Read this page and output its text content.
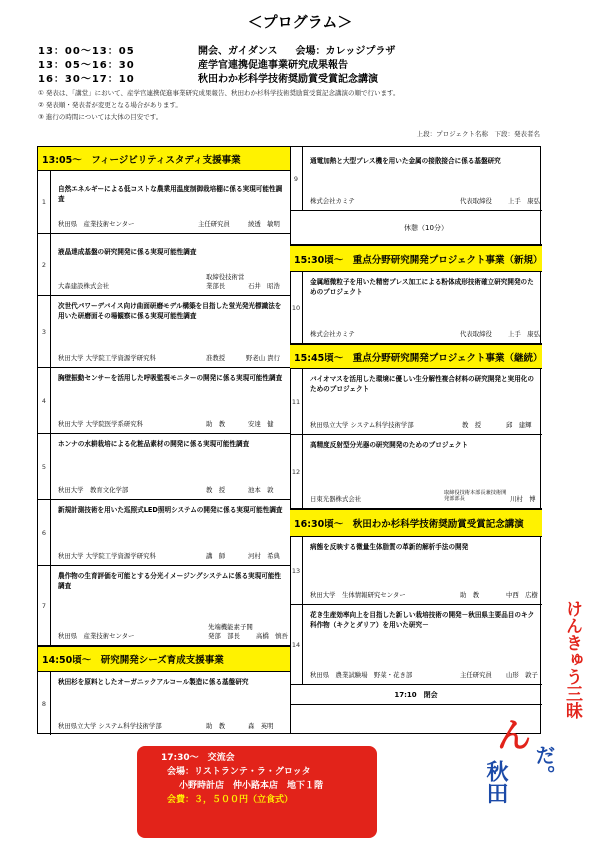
＜プログラム＞
13：00～13：05	開会、ガイダンス 会場：カレッジプラザ
13：05～16：30	産学官連携促進事業研究成果報告
16：30～17：10	秋田わか杉科学技術奨励賞受賞記念講演
① 発表は、「講堂」において、産学官連携促進事業研究成果報告、秋田わか杉科学技術奨励賞受賞記念講演の順で行います。
② 発表順・発表者が変更となる場合があります。
③ 進行の時間については大体の目安です。
上段：プロジェクト名称　下段：発表者名
13:05～　フィージビリティスタディ支援事業
1
自然エネルギーによる低コストな農業用温度制御栽培棚に係る実現可能性調査
秋田県　産業技術センター	主任研究員	綾透　敏明
2
液晶達成基盤の研究開発に係る実現可能性調査
大森建設株式会社
取締役技術営業部長	石井　昭浩
3
次世代パワーデバイス向け曲面研磨モデル構築を目指した蛍光発光標識法を用いた研磨面その場観察に係る実現可能性調査
秋田大学 大学院工学資源学研究科	准教授	野老山 貴行
4
胸壁振動センサーを活用した呼吸監視モニターの開発に係る実現可能性調査
秋田大学 大学院医学系研究科	助　教	安達　健
5
ホンナの水耕栽培による化粧品素材の開発に係る実現可能性調査
秋田大学　教育文化学部	教　授	池本　敦
6
新規計測技術を用いた巡照式LED照明システムの開発に係る実現可能性調査
秋田大学 大学院工学資源学研究科	講　師	河村　希典
7
農作物の生育評価を可能とする分光イメージングシステムに係る実現可能性調査
秋田県　産業技術センター
先端機能素子開発部　部長	高橋　慎吾
14:50頃～　研究開発シーズ育成支援事業
8
秋田杉を原料としたオーガニックアルコール製造に係る基盤研究
秋田県立大学 システム科学技術学部	助　教	森　英明
9
通電加熱と大型プレス機を用いた金属の接散接合に係る基盤研究
株式会社カミテ	代表取締役	上手　康弘
休憩（10分）
15:30頃～　重点分野研究開発プロジェクト事業（新規）
10
金属超微粒子を用いた精密プレス加工による粉体成形技術確立研究開発のためのプロジェクト
株式会社カミテ	代表取締役	上手　康弘
15:45頃～　重点分野研究開発プロジェクト事業（継続）
11
バイオマスを活用した環境に優しい生分解性複合材料の研究開発と実用化のためのプロジェクト
秋田県立大学 システム科学技術学部	教　授	邱　建輝
12
高精度反射型分光器の研究開発のためのプロジェクト
日東光器株式会社
取締役技術本部長兼技術開発部部長	川村　博
16:30頃～　秋田わか杉科学技術奨励賞受賞記念講演
13
病態を反映する微量生体脂質の革新的解析手法の開発
秋田大学　生体情報研究センター	助　教	中西　広樹
14
花き生産効率向上を目指した新しい栽培技術の開発－秋田県主要品目のキク科作物（キクとダリア）を用いた研究－
秋田県　農業試験場　野菜・花き部	主任研究員 山形　敦子
17:10　閉会
17:30～　交流会
会場：リストランテ・ラ・グロッタ
小野時計店　仲小路本店　地下１階
会費：３，５００円（立食式）
けんきゅう三昧
秋田
ん
だ。
